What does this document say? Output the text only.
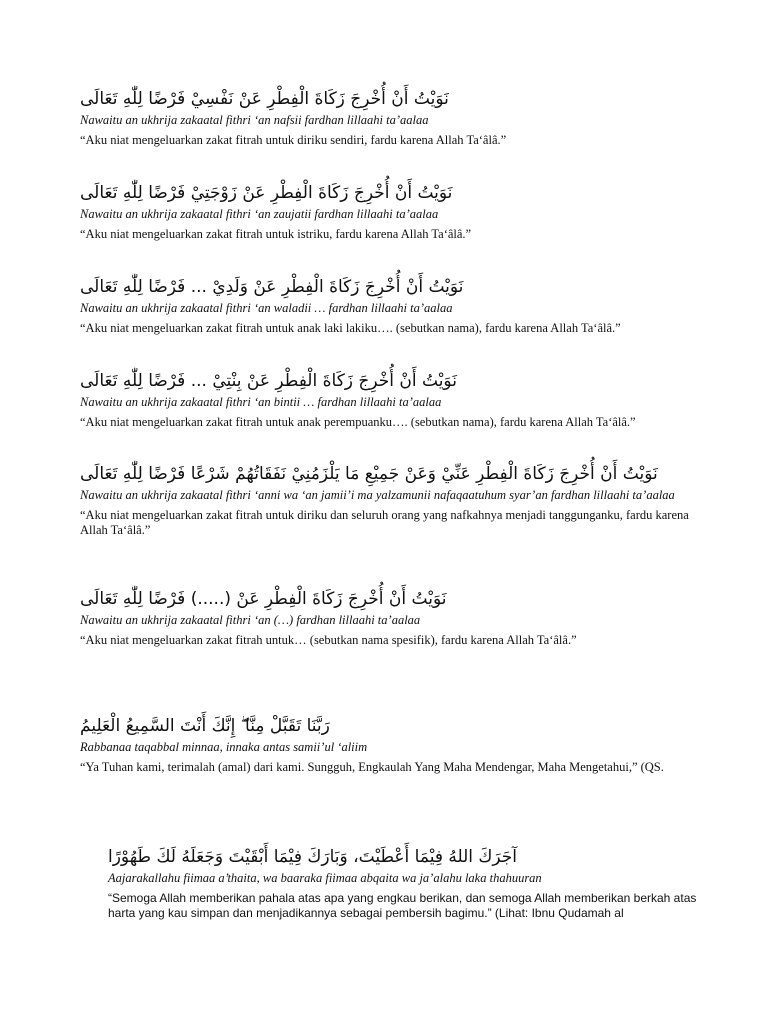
نَوَيْتُ أَنْ أُخْرِجَ زَكَاةَ الْفِطْرِ عَنْ نَفْسِيْ فَرْضًا لِلّٰهِ تَعَالَى
Nawaitu an ukhrija zakaatal fithri ‘an nafsii fardhan lillaahi ta’aalaa
“Aku niat mengeluarkan zakat fitrah untuk diriku sendiri, fardu karena Allah Ta‘âlâ.”
نَوَيْتُ أَنْ أُخْرِجَ زَكَاةَ الْفِطْرِ عَنْ زَوْجَتِيْ فَرْضًا لِلّٰهِ تَعَالَى
Nawaitu an ukhrija zakaatal fithri ‘an zaujatii fardhan lillaahi ta’aalaa
“Aku niat mengeluarkan zakat fitrah untuk istriku, fardu karena Allah Ta‘âlâ.”
نَوَيْتُ أَنْ أُخْرِجَ زَكَاةَ الْفِطْرِ عَنْ وَلَدِيْ ... فَرْضًا لِلّٰهِ تَعَالَى
Nawaitu an ukhrija zakaatal fithri ‘an waladii … fardhan lillaahi ta’aalaa
“Aku niat mengeluarkan zakat fitrah untuk anak laki lakiku…. (sebutkan nama), fardu karena Allah Ta‘âlâ.”
نَوَيْتُ أَنْ أُخْرِجَ زَكَاةَ الْفِطْرِ عَنْ بِنْتِيْ ... فَرْضًا لِلّٰهِ تَعَالَى
Nawaitu an ukhrija zakaatal fithri ‘an bintii … fardhan lillaahi ta’aalaa
“Aku niat mengeluarkan zakat fitrah untuk anak perempuanku…. (sebutkan nama), fardu karena Allah Ta‘âlâ.”
نَوَيْتُ أَنْ أُخْرِجَ زَكَاةَ الْفِطْرِ عَنِّيْ وَعَنْ جَمِيْعِ مَا يَلْزَمُنِيْ نَفَقَاتُهُمْ شَرْعًا فَرْضًا لِلّٰهِ تَعَالَى
Nawaitu an ukhrija zakaatal fithri ‘anni wa ‘an jamii’i ma yalzamunii nafaqaatuhum syar’an fardhan lillaahi ta’aalaa
“Aku niat mengeluarkan zakat fitrah untuk diriku dan seluruh orang yang nafkahnya menjadi tanggunganku, fardu karena Allah Ta‘âlâ.”
نَوَيْتُ أَنْ أُخْرِجَ زَكَاةَ الْفِطْرِ عَنْ (.....) فَرْضًا لِلّٰهِ تَعَالَى
Nawaitu an ukhrija zakaatal fithri ‘an (…) fardhan lillaahi ta’aalaa
“Aku niat mengeluarkan zakat fitrah untuk… (sebutkan nama spesifik), fardu karena Allah Ta‘âlâ.”
رَبَّنَا تَقَبَّلْ مِنَّا ۖ إِنَّكَ أَنْتَ السَّمِيعُ الْعَلِيمُ
Rabbanaa taqabbal minnaa, innaka antas samii’ul ‘aliim
“Ya Tuhan kami, terimalah (amal) dari kami. Sungguh, Engkaulah Yang Maha Mendengar, Maha Mengetahui,” (QS.
آجَرَكَ اللهُ فِيْمَا أَعْطَيْتَ، وَبَارَكَ فِيْمَا أَبْقَيْتَ وَجَعَلَهُ لَكَ طَهُوْرًا
Aajarakallahu fiimaa a’thaita, wa baaraka fiimaa abqaita wa ja’alahu laka thahuuran
“Semoga Allah memberikan pahala atas apa yang engkau berikan, dan semoga Allah memberikan berkah atas harta yang kau simpan dan menjadikannya sebagai pembersih bagimu.” (Lihat: Ibnu Qudamah al
